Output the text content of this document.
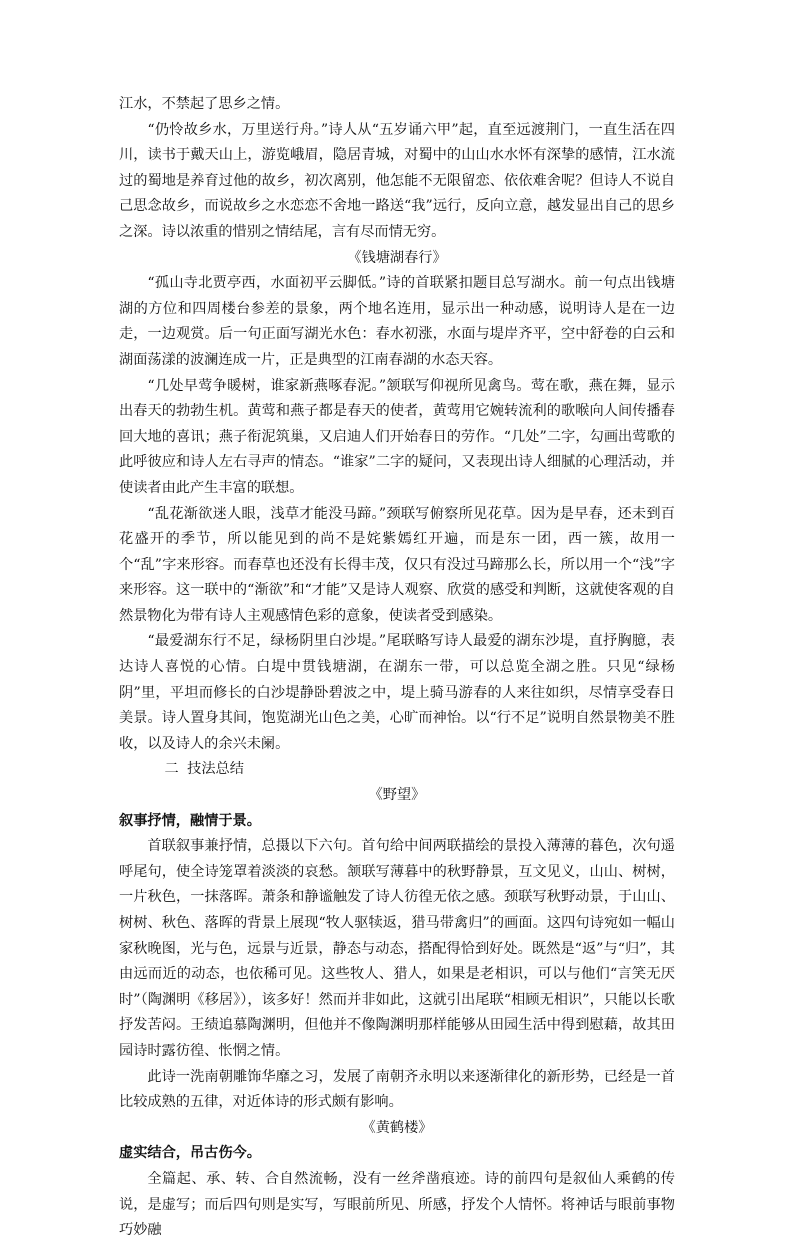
江水，不禁起了思乡之情。

“仍怜故乡水，万里送行舟。”诗人从“五岁诵六甲”起，直至远渡荆门，一直生活在四川，读书于戴天山上，游览峨眉，隐居青城，对蜀中的山山水水怀有深挚的感情，江水流过的蜀地是养育过他的故乡，初次离别，他怎能不无限留恋、依依难舍呢？但诗人不说自己思念故乡，而说故乡之水恋恋不舍地一路送“我”远行，反向立意，越发显出自己的思乡之深。诗以浓重的惜别之情结尾，言有尽而情无穷。

《钱塘湖春行》

“孤山寺北贾亭西，水面初平云脚低。”诗的首联紧扣题目总写湖水。前一句点出钱塘湖的方位和四周楼台参差的景象，两个地名连用，显示出一种动感，说明诗人是在一边走，一边观赏。后一句正面写湖光水色：春水初涨，水面与堤岸齐平，空中舒卷的白云和湖面荡漾的波澜连成一片，正是典型的江南春湖的水态天容。

“几处早莺争暖树，谁家新燕啄春泥。”颔联写仰视所见禽鸟。莺在歌，燕在舞，显示出春天的勃勃生机。黄莺和燕子都是春天的使者，黄莺用它婉转流利的歌喉向人间传播春回大地的喜讯；燕子衔泥筑巢，又启迪人们开始春日的劳作。“几处”二字，勾画出莺歌的此呼彼应和诗人左右寻声的情态。“谁家”二字的疑问，又表现出诗人细腻的心理活动，并使读者由此产生丰富的联想。

“乱花渐欲迷人眼，浅草才能没马蹄。”颈联写俯察所见花草。因为是早春，还未到百花盛开的季节，所以能见到的尚不是姹紫嫣红开遍，而是东一团，西一簇，故用一个“乱”字来形容。而春草也还没有长得丰茂，仅只有没过马蹄那么长，所以用一个“浅”字来形容。这一联中的“渐欲”和“才能”又是诗人观察、欣赏的感受和判断，这就使客观的自然景物化为带有诗人主观感情色彩的意象，使读者受到感染。

“最爱湖东行不足，绿杨阴里白沙堤。”尾联略写诗人最爱的湖东沙堤，直抒胸臆，表达诗人喜悦的心情。白堤中贯钱塘湖，在湖东一带，可以总览全湖之胜。只见“绿杨阴”里，平坦而修长的白沙堤静卧碧波之中，堤上骑马游春的人来往如织，尽情享受春日美景。诗人置身其间，饱览湖光山色之美，心旷而神怡。以“行不足”说明自然景物美不胜收，以及诗人的余兴未阑。

二 技法总结

《野望》

叙事抒情，融情于景。

首联叙事兼抒情，总摄以下六句。首句给中间两联描绘的景投入薄薄的暮色，次句遥呼尾句，使全诗笼罩着淡淡的哀愁。颔联写薄暮中的秋野静景，互文见义，山山、树树，一片秋色，一抹落晖。萧条和静谧触发了诗人彷徨无依之感。颈联写秋野动景，于山山、树树、秋色、落晖的背景上展现“牧人驱犊返，猎马带禽归”的画面。这四句诗宛如一幅山家秋晚图，光与色，远景与近景，静态与动态，搭配得恰到好处。既然是“返”与“归”，其由远而近的动态，也依稀可见。这些牧人、猎人，如果是老相识，可以与他们“言笑无厌时”（陶渊明《移居》），该多好！然而并非如此，这就引出尾联“相顾无相识”，只能以长歌抒发苦闷。王绩追慕陶渊明，但他并不像陶渊明那样能够从田园生活中得到慰藉，故其田园诗时露彷徨、怅惘之情。

此诗一洗南朝雕饰华靡之习，发展了南朝齐永明以来逐渐律化的新形势，已经是一首比较成熟的五律，对近体诗的形式颇有影响。

《黄鹤楼》

虚实结合，吊古伤今。

全篇起、承、转、合自然流畅，没有一丝斧凿痕迹。诗的前四句是叙仙人乘鹤的传说，是虚写；而后四句则是实写，写眼前所见、所感，抒发个人情怀。将神话与眼前事物巧妙融
